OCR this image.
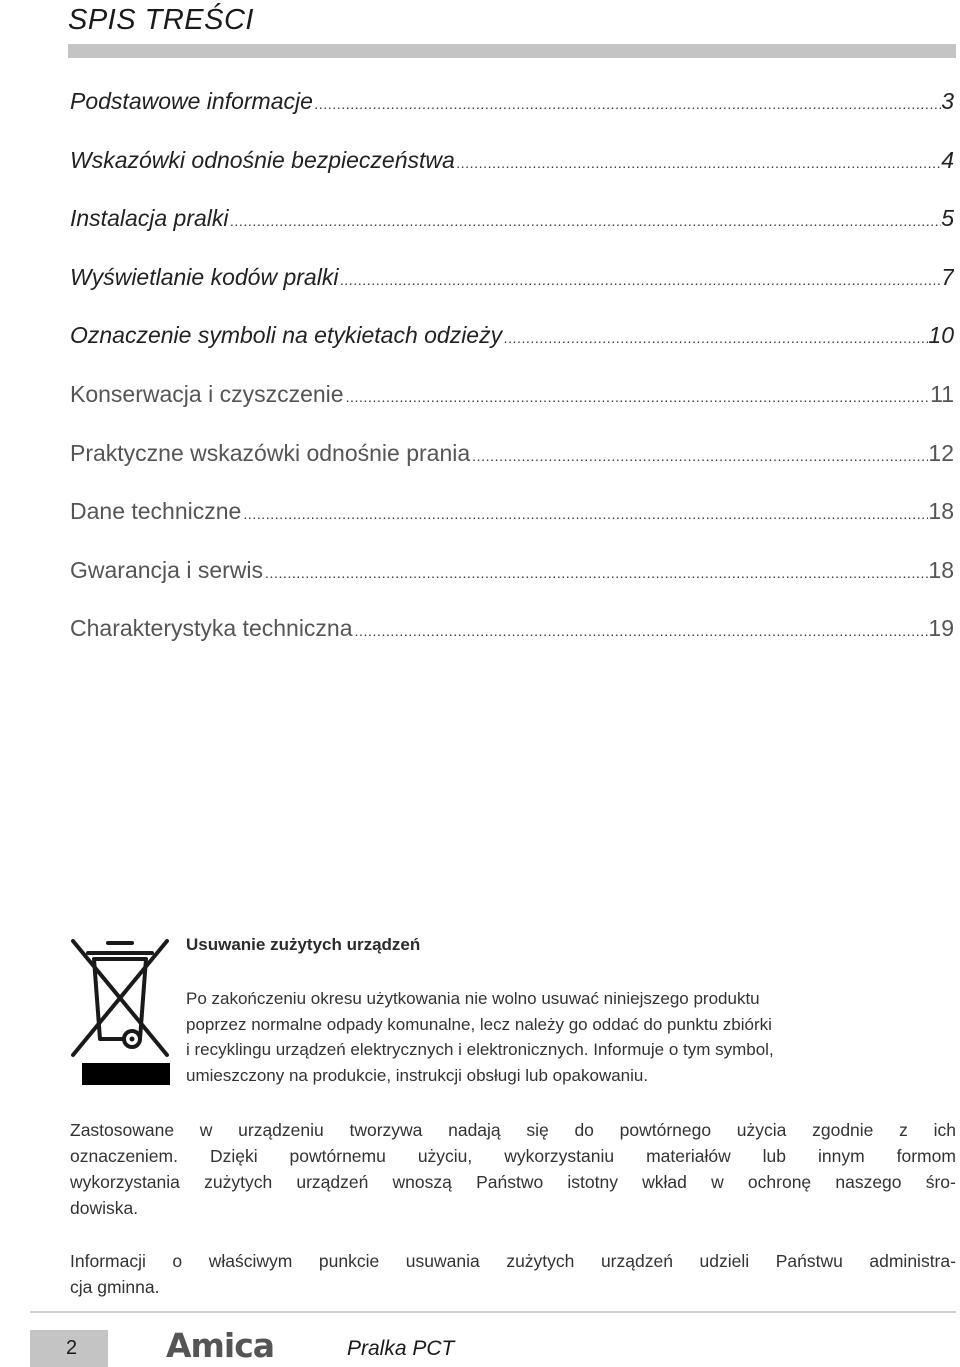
SPIS TREŚCI
Podstawowe informacje .....	3
Wskazówki odnośnie bezpieczeństwa .....	4
Instalacja pralki .....	5
Wyświetlanie kodów pralki .....	7
Oznaczenie symboli na etykietach odzieży .....	10
Konserwacja i czyszczenie .....	11
Praktyczne wskazówki odnośnie prania .....	12
Dane techniczne .....	18
Gwarancja i serwis .....	18
Charakterystyka techniczna .....	19
Usuwanie zużytych urządzeń
Po zakończeniu okresu użytkowania nie wolno usuwać niniejszego produktu
poprzez normalne odpady komunalne, lecz należy go oddać do punktu zbiórki
i recyklingu urządzeń elektrycznych i elektronicznych. Informuje o tym symbol,
umieszczony na produkcie, instrukcji obsługi lub opakowaniu.
Zastosowane w urządzeniu tworzywa nadają się do powtórnego użycia zgodnie z ich
oznaczeniem. Dzięki powtórnemu użyciu, wykorzystaniu materiałów lub innym formom
wykorzystania zużytych urządzeń wnoszą Państwo istotny wkład w ochronę naszego śro-
dowiska.
Informacji o właściwym punkcie usuwania zużytych urządzeń udzieli Państwu administra-
cja gminna.
2	Amica	Pralka PCT
